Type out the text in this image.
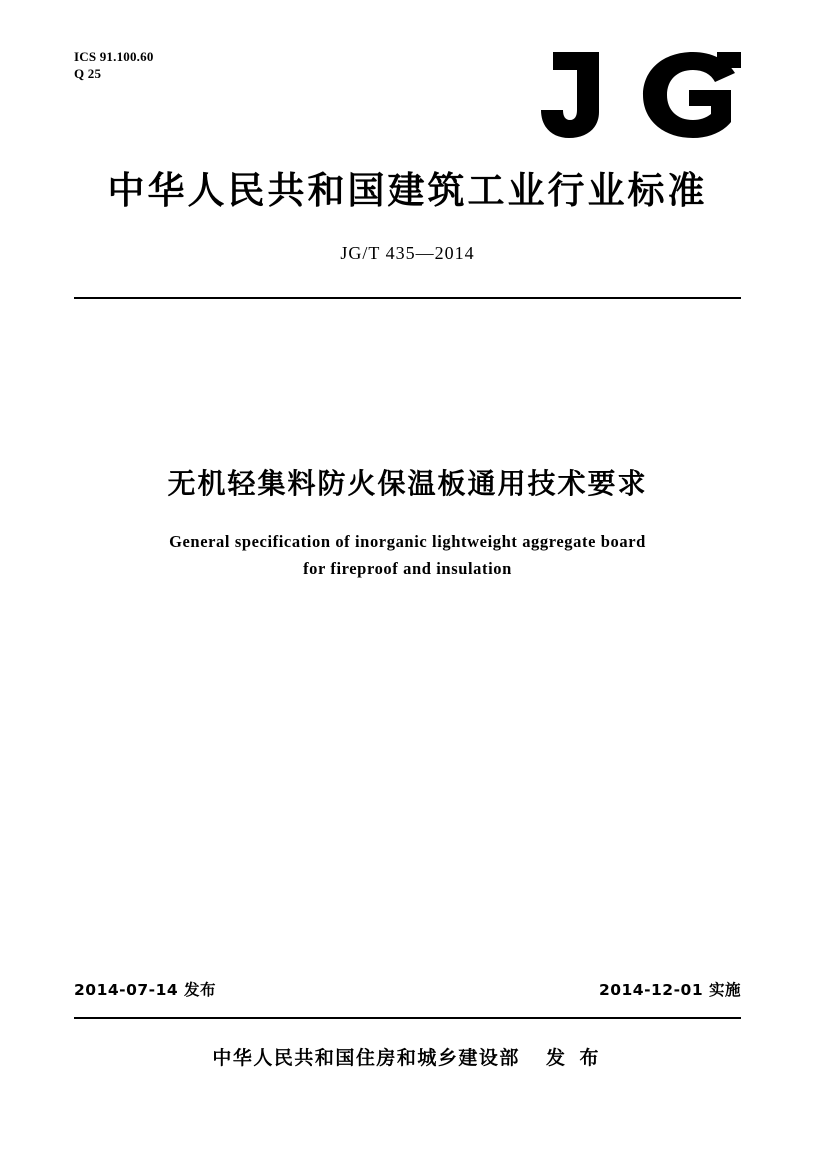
ICS 91.100.60
Q 25
中华人民共和国建筑工业行业标准
JG/T 435—2014
无机轻集料防火保温板通用技术要求
General specification of inorganic lightweight aggregate board
for fireproof and insulation
2014-07-14 发布	2014-12-01 实施
中华人民共和国住房和城乡建设部 发 布
